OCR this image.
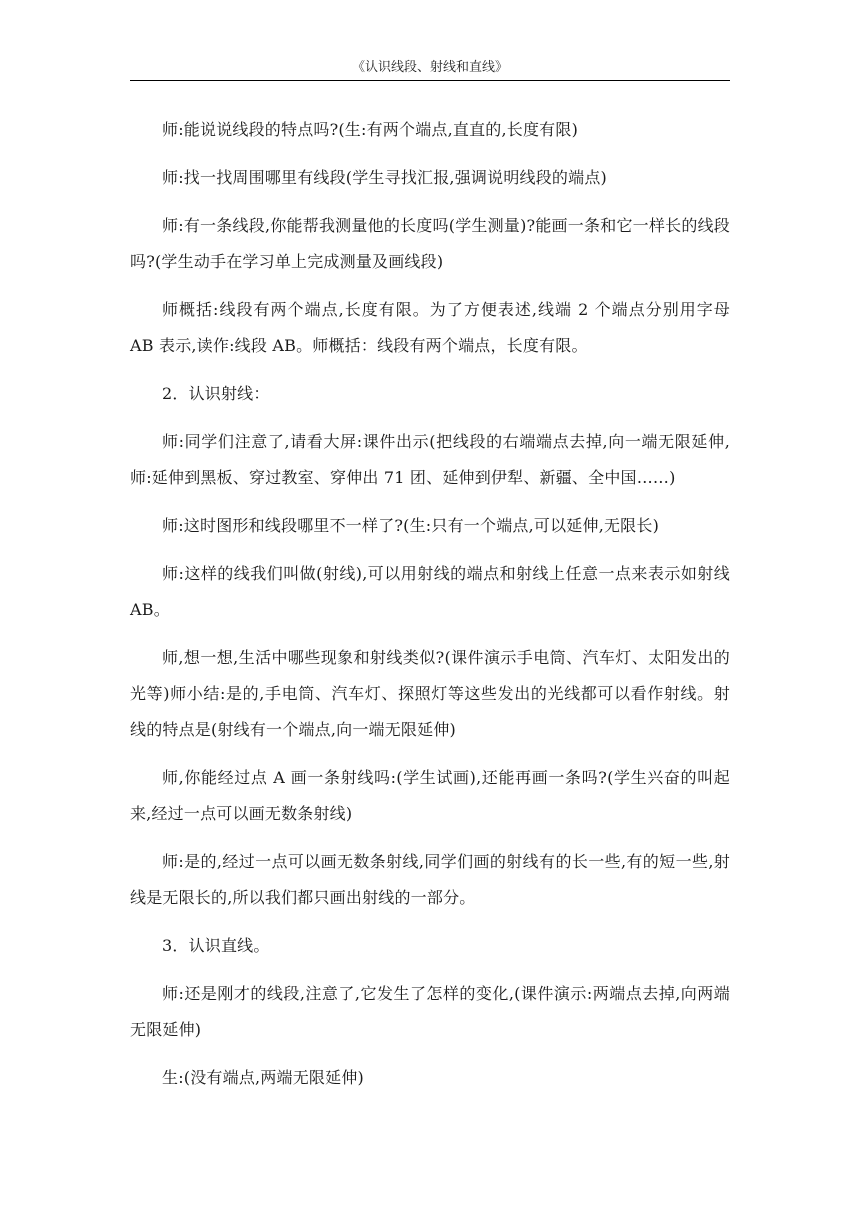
《认识线段、射线和直线》

师:能说说线段的特点吗?(生:有两个端点,直直的,长度有限)

师:找一找周围哪里有线段(学生寻找汇报,强调说明线段的端点)

师:有一条线段,你能帮我测量他的长度吗(学生测量)?能画一条和它一样长的线段吗?(学生动手在学习单上完成测量及画线段)

师概括:线段有两个端点,长度有限。为了方便表述,线端 2 个端点分别用字母 AB 表示,读作:线段 AB。师概括：线段有两个端点，长度有限。

2．认识射线：

师:同学们注意了,请看大屏:课件出示(把线段的右端端点去掉,向一端无限延伸,师:延伸到黑板、穿过教室、穿伸出 71 团、延伸到伊犁、新疆、全中国……)

师:这时图形和线段哪里不一样了?(生:只有一个端点,可以延伸,无限长)

师:这样的线我们叫做(射线),可以用射线的端点和射线上任意一点来表示如射线 AB。

师,想一想,生活中哪些现象和射线类似?(课件演示手电筒、汽车灯、太阳发出的光等)师小结:是的,手电筒、汽车灯、探照灯等这些发出的光线都可以看作射线。射线的特点是(射线有一个端点,向一端无限延伸)

师,你能经过点 A 画一条射线吗:(学生试画),还能再画一条吗?(学生兴奋的叫起来,经过一点可以画无数条射线)

师:是的,经过一点可以画无数条射线,同学们画的射线有的长一些,有的短一些,射线是无限长的,所以我们都只画出射线的一部分。

3．认识直线。

师:还是刚才的线段,注意了,它发生了怎样的变化,(课件演示:两端点去掉,向两端无限延伸)

生:(没有端点,两端无限延伸)
